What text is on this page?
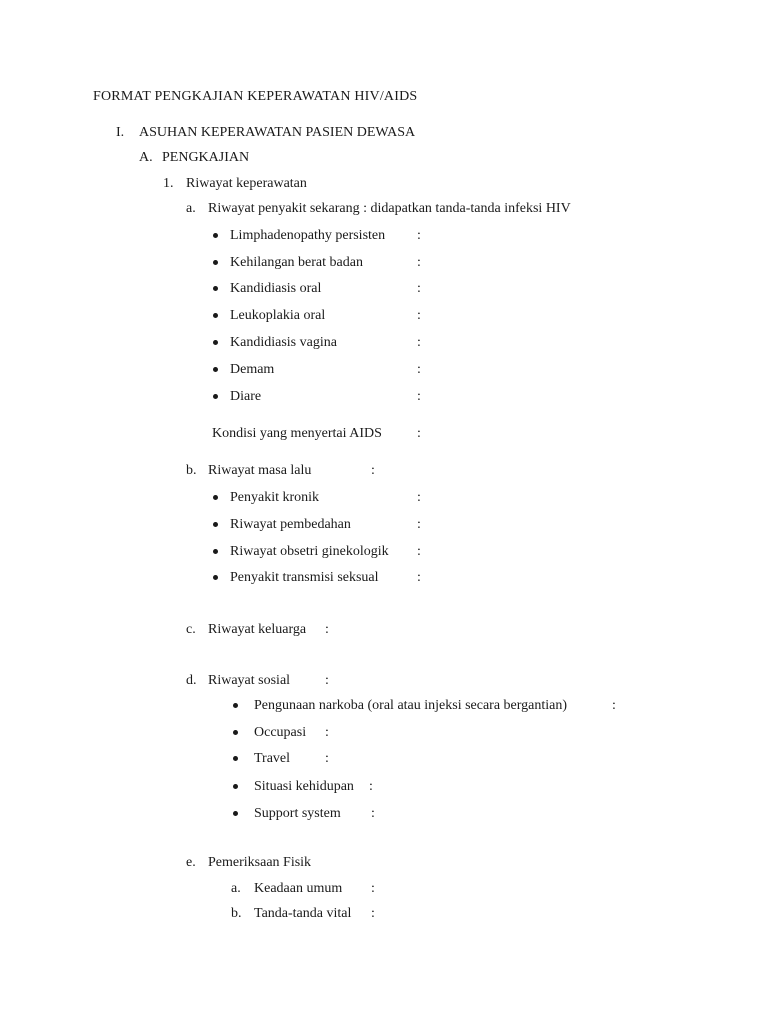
FORMAT PENGKAJIAN KEPERAWATAN HIV/AIDS
I. ASUHAN KEPERAWATAN PASIEN DEWASA
A. PENGKAJIAN
1. Riwayat keperawatan
a. Riwayat penyakit sekarang : didapatkan tanda-tanda infeksi HIV
Limphadenopathy persisten :
Kehilangan berat badan	:
Kandidiasis oral	:
Leukoplakia oral	:
Kandidiasis vagina	:
Demam	:
Diare	:
Kondisi yang menyertai AIDS	:
b. Riwayat masa lalu	:
Penyakit kronik	:
Riwayat pembedahan	:
Riwayat obsetri ginekologik :
Penyakit transmisi seksual	:
c. Riwayat keluarga :
d. Riwayat sosial :
Pengunaan narkoba (oral atau injeksi secara bergantian)	:
Occupasi :
Travel :
Situasi kehidupan :
Support system :
e. Pemeriksaan Fisik
a. Keadaan umum :
b. Tanda-tanda vital :
